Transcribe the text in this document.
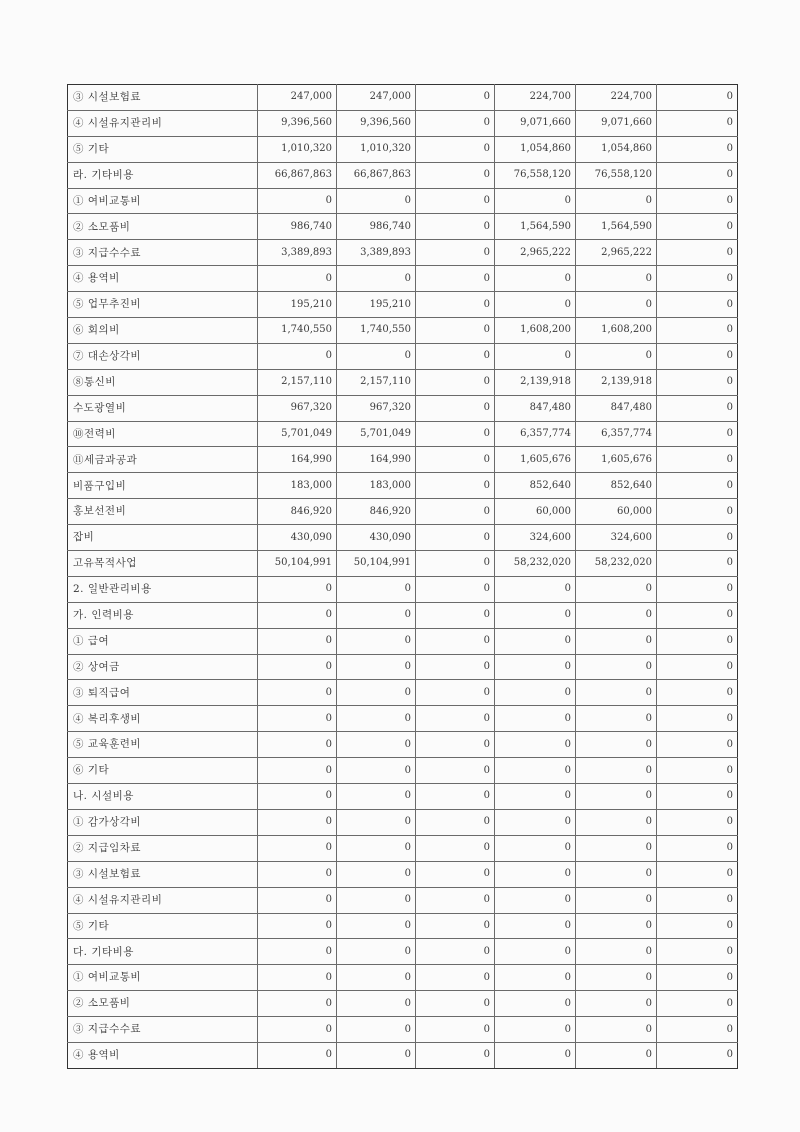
③ 시설보험료	247,000	247,000	0	224,700	224,700	0
④ 시설유지관리비	9,396,560	9,396,560	0	9,071,660	9,071,660	0
⑤ 기타	1,010,320	1,010,320	0	1,054,860	1,054,860	0
라. 기타비용	66,867,863	66,867,863	0	76,558,120	76,558,120	0
① 여비교통비	0	0	0	0	0	0
② 소모품비	986,740	986,740	0	1,564,590	1,564,590	0
③ 지급수수료	3,389,893	3,389,893	0	2,965,222	2,965,222	0
④ 용역비	0	0	0	0	0	0
⑤ 업무추진비	195,210	195,210	0	0	0	0
⑥ 회의비	1,740,550	1,740,550	0	1,608,200	1,608,200	0
⑦ 대손상각비	0	0	0	0	0	0
⑧통신비	2,157,110	2,157,110	0	2,139,918	2,139,918	0
수도광열비	967,320	967,320	0	847,480	847,480	0
⑩전력비	5,701,049	5,701,049	0	6,357,774	6,357,774	0
⑪세금과공과	164,990	164,990	0	1,605,676	1,605,676	0
비품구입비	183,000	183,000	0	852,640	852,640	0
홍보선전비	846,920	846,920	0	60,000	60,000	0
잡비	430,090	430,090	0	324,600	324,600	0
고유목적사업	50,104,991	50,104,991	0	58,232,020	58,232,020	0
2. 일반관리비용	0	0	0	0	0	0
가. 인력비용	0	0	0	0	0	0
① 급여	0	0	0	0	0	0
② 상여금	0	0	0	0	0	0
③ 퇴직급여	0	0	0	0	0	0
④ 복리후생비	0	0	0	0	0	0
⑤ 교육훈련비	0	0	0	0	0	0
⑥ 기타	0	0	0	0	0	0
나. 시설비용	0	0	0	0	0	0
① 감가상각비	0	0	0	0	0	0
② 지급임차료	0	0	0	0	0	0
③ 시설보험료	0	0	0	0	0	0
④ 시설유지관리비	0	0	0	0	0	0
⑤ 기타	0	0	0	0	0	0
다. 기타비용	0	0	0	0	0	0
① 여비교통비	0	0	0	0	0	0
② 소모품비	0	0	0	0	0	0
③ 지급수수료	0	0	0	0	0	0
④ 용역비	0	0	0	0	0	0
